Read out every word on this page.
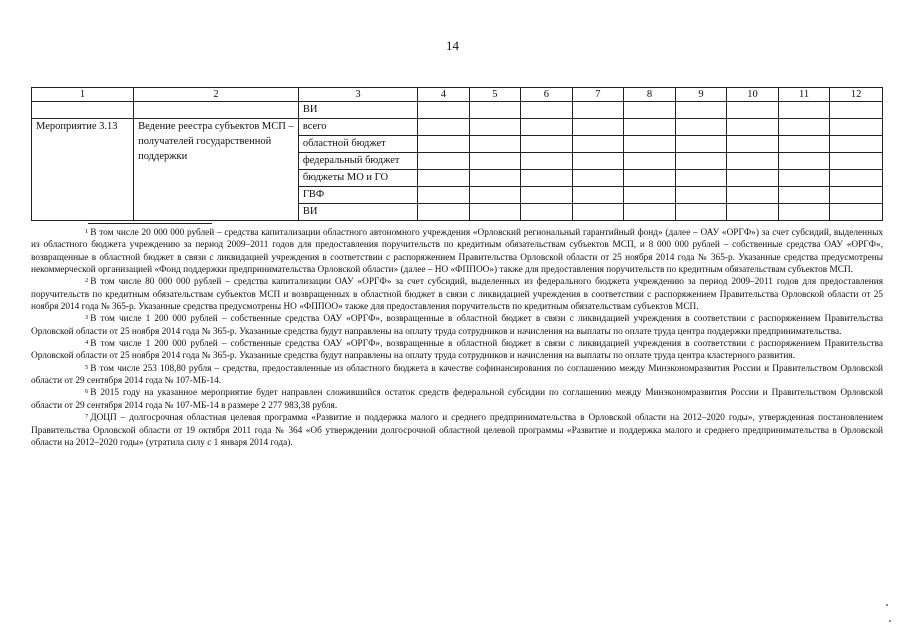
14
1	2	3	4	5	6	7	8	9	10	11	12
		ВИ									
Мероприятие 3.13	Ведение реестра субъектов МСП – получателей государственной поддержки	всего									
		областной бюджет									
		федеральный бюджет									
		бюджеты МО и ГО									
		ГВФ									
		ВИ									

$^1$ В том числе 20 000 000 рублей – средства капитализации областного автономного учреждения «Орловский региональный гарантийный фонд» (далее – ОАУ «ОРГФ») за счет субсидий, выделенных из областного бюджета учреждению за период 2009–2011 годов для предоставления поручительств по кредитным обязательствам субъектов МСП, и 8 000 000 рублей – собственные средства ОАУ «ОРГФ», возвращенные в областной бюджет в связи с ликвидацией учреждения в соответствии с распоряжением Правительства Орловской области от 25 ноября 2014 года № 365-р. Указанные средства предусмотрены некоммерческой организацией «Фонд поддержки предпринимательства Орловской области» (далее – НО «ФППОО») также для предоставления поручительств по кредитным обязательствам субъектов МСП.

$^2$ В том числе 80 000 000 рублей – средства капитализации ОАУ «ОРГФ» за счет субсидий, выделенных из федерального бюджета учреждению за период 2009–2011 годов для предоставления поручительств по кредитным обязательствам субъектов МСП и возвращенных в областной бюджет в связи с ликвидацией учреждения в соответствии с распоряжением Правительства Орловской области от 25 ноября 2014 года № 365-р. Указанные средства предусмотрены НО «ФППОО» также для предоставления поручительств по кредитным обязательствам субъектов МСП.

$^3$ В том числе 1 200 000 рублей – собственные средства ОАУ «ОРГФ», возвращенные в областной бюджет в связи с ликвидацией учреждения в соответствии с распоряжением Правительства Орловской области от 25 ноября 2014 года № 365-р. Указанные средства будут направлены на оплату труда сотрудников и начисления на выплаты по оплате труда центра поддержки предпринимательства.

$^4$ В том числе 1 200 000 рублей – собственные средства ОАУ «ОРГФ», возвращенные в областной бюджет в связи с ликвидацией учреждения в соответствии с распоряжением Правительства Орловской области от 25 ноября 2014 года № 365-р. Указанные средства будут направлены на оплату труда сотрудников и начисления на выплаты по оплате труда центра кластерного развития.

$^5$ В том числе 253 108,80 рубля – средства, предоставленные из областного бюджета в качестве софинансирования по соглашению между Минэкономразвития России и Правительством Орловской области от 29 сентября 2014 года № 107-МБ-14.

$^6$ В 2015 году на указанное мероприятие будет направлен сложившийся остаток средств федеральной субсидии по соглашению между Минэкономразвития России и Правительством Орловской области от 29 сентября 2014 года № 107-МБ-14 в размере 2 277 983,38 рубля.

$^7$ ДОЦП – долгосрочная областная целевая программа «Развитие и поддержка малого и среднего предпринимательства в Орловской области на 2012–2020 годы», утвержденная постановлением Правительства Орловской области от 19 октября 2011 года № 364 «Об утверждении долгосрочной областной целевой программы «Развитие и поддержка малого и среднего предпринимательства в Орловской области на 2012–2020 годы» (утратила силу с 1 января 2014 года).
